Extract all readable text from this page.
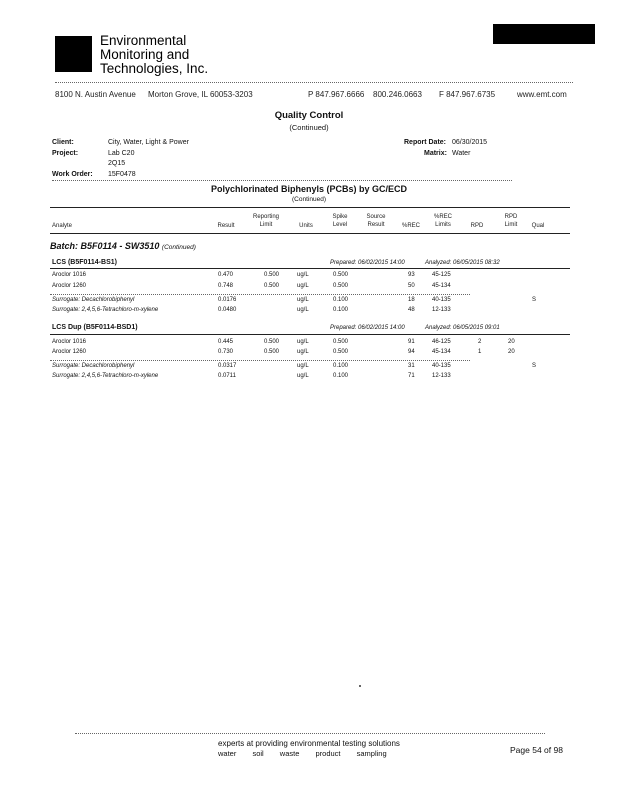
Environmental
Monitoring and
Technologies, Inc.
8100 N. Austin Avenue Morton Grove, IL 60053-3203	P 847.967.6666 800.246.0663 F 847.967.6735	www.emt.com
Quality Control
(Continued)
Client:	City, Water, Light & Power
Project:	Lab C20
2Q15
Work Order: 15F0478
Report Date: 06/30/2015
Matrix: Water
Polychlorinated Biphenyls (PCBs) by GC/ECD
(Continued)
Analyte	Result
Reporting
Limit	Units
Spike
Level
Source
Result	%REC
%REC
Limits	RPD
RPD
Limit	Qual
Batch: B5F0114 - SW3510 (Continued)
LCS (B5F0114-BS1)	Prepared: 06/02/2015 14:00	Analyzed: 06/05/2015 08:32
Aroclor 1016	0.470	0.500	ug/L	0.500	93	45-125
Aroclor 1260	0.748	0.500	ug/L	0.500	50	45-134
Surrogate: Decachlorobiphenyl	0.0176	ug/L	0.100	18	40-135	S
Surrogate: 2,4,5,6-Tetrachloro-m-xylene	0.0480	ug/L	0.100	48	12-133
LCS Dup (B5F0114-BSD1)	Prepared: 06/02/2015 14:00	Analyzed: 06/05/2015 09:01
Aroclor 1016	0.445	0.500	ug/L	0.500	91	46-125	2	20
Aroclor 1260	0.730	0.500	ug/L	0.500	94	45-134	1	20
Surrogate: Decachlorobiphenyl	0.0317	ug/L	0.100	31	40-135	S
Surrogate: 2,4,5,6-Tetrachloro-m-xylene	0.0711	ug/L	0.100	71	12-133
experts at providing environmental testing solutions
water soil waste product sampling	Page 54 of 98
